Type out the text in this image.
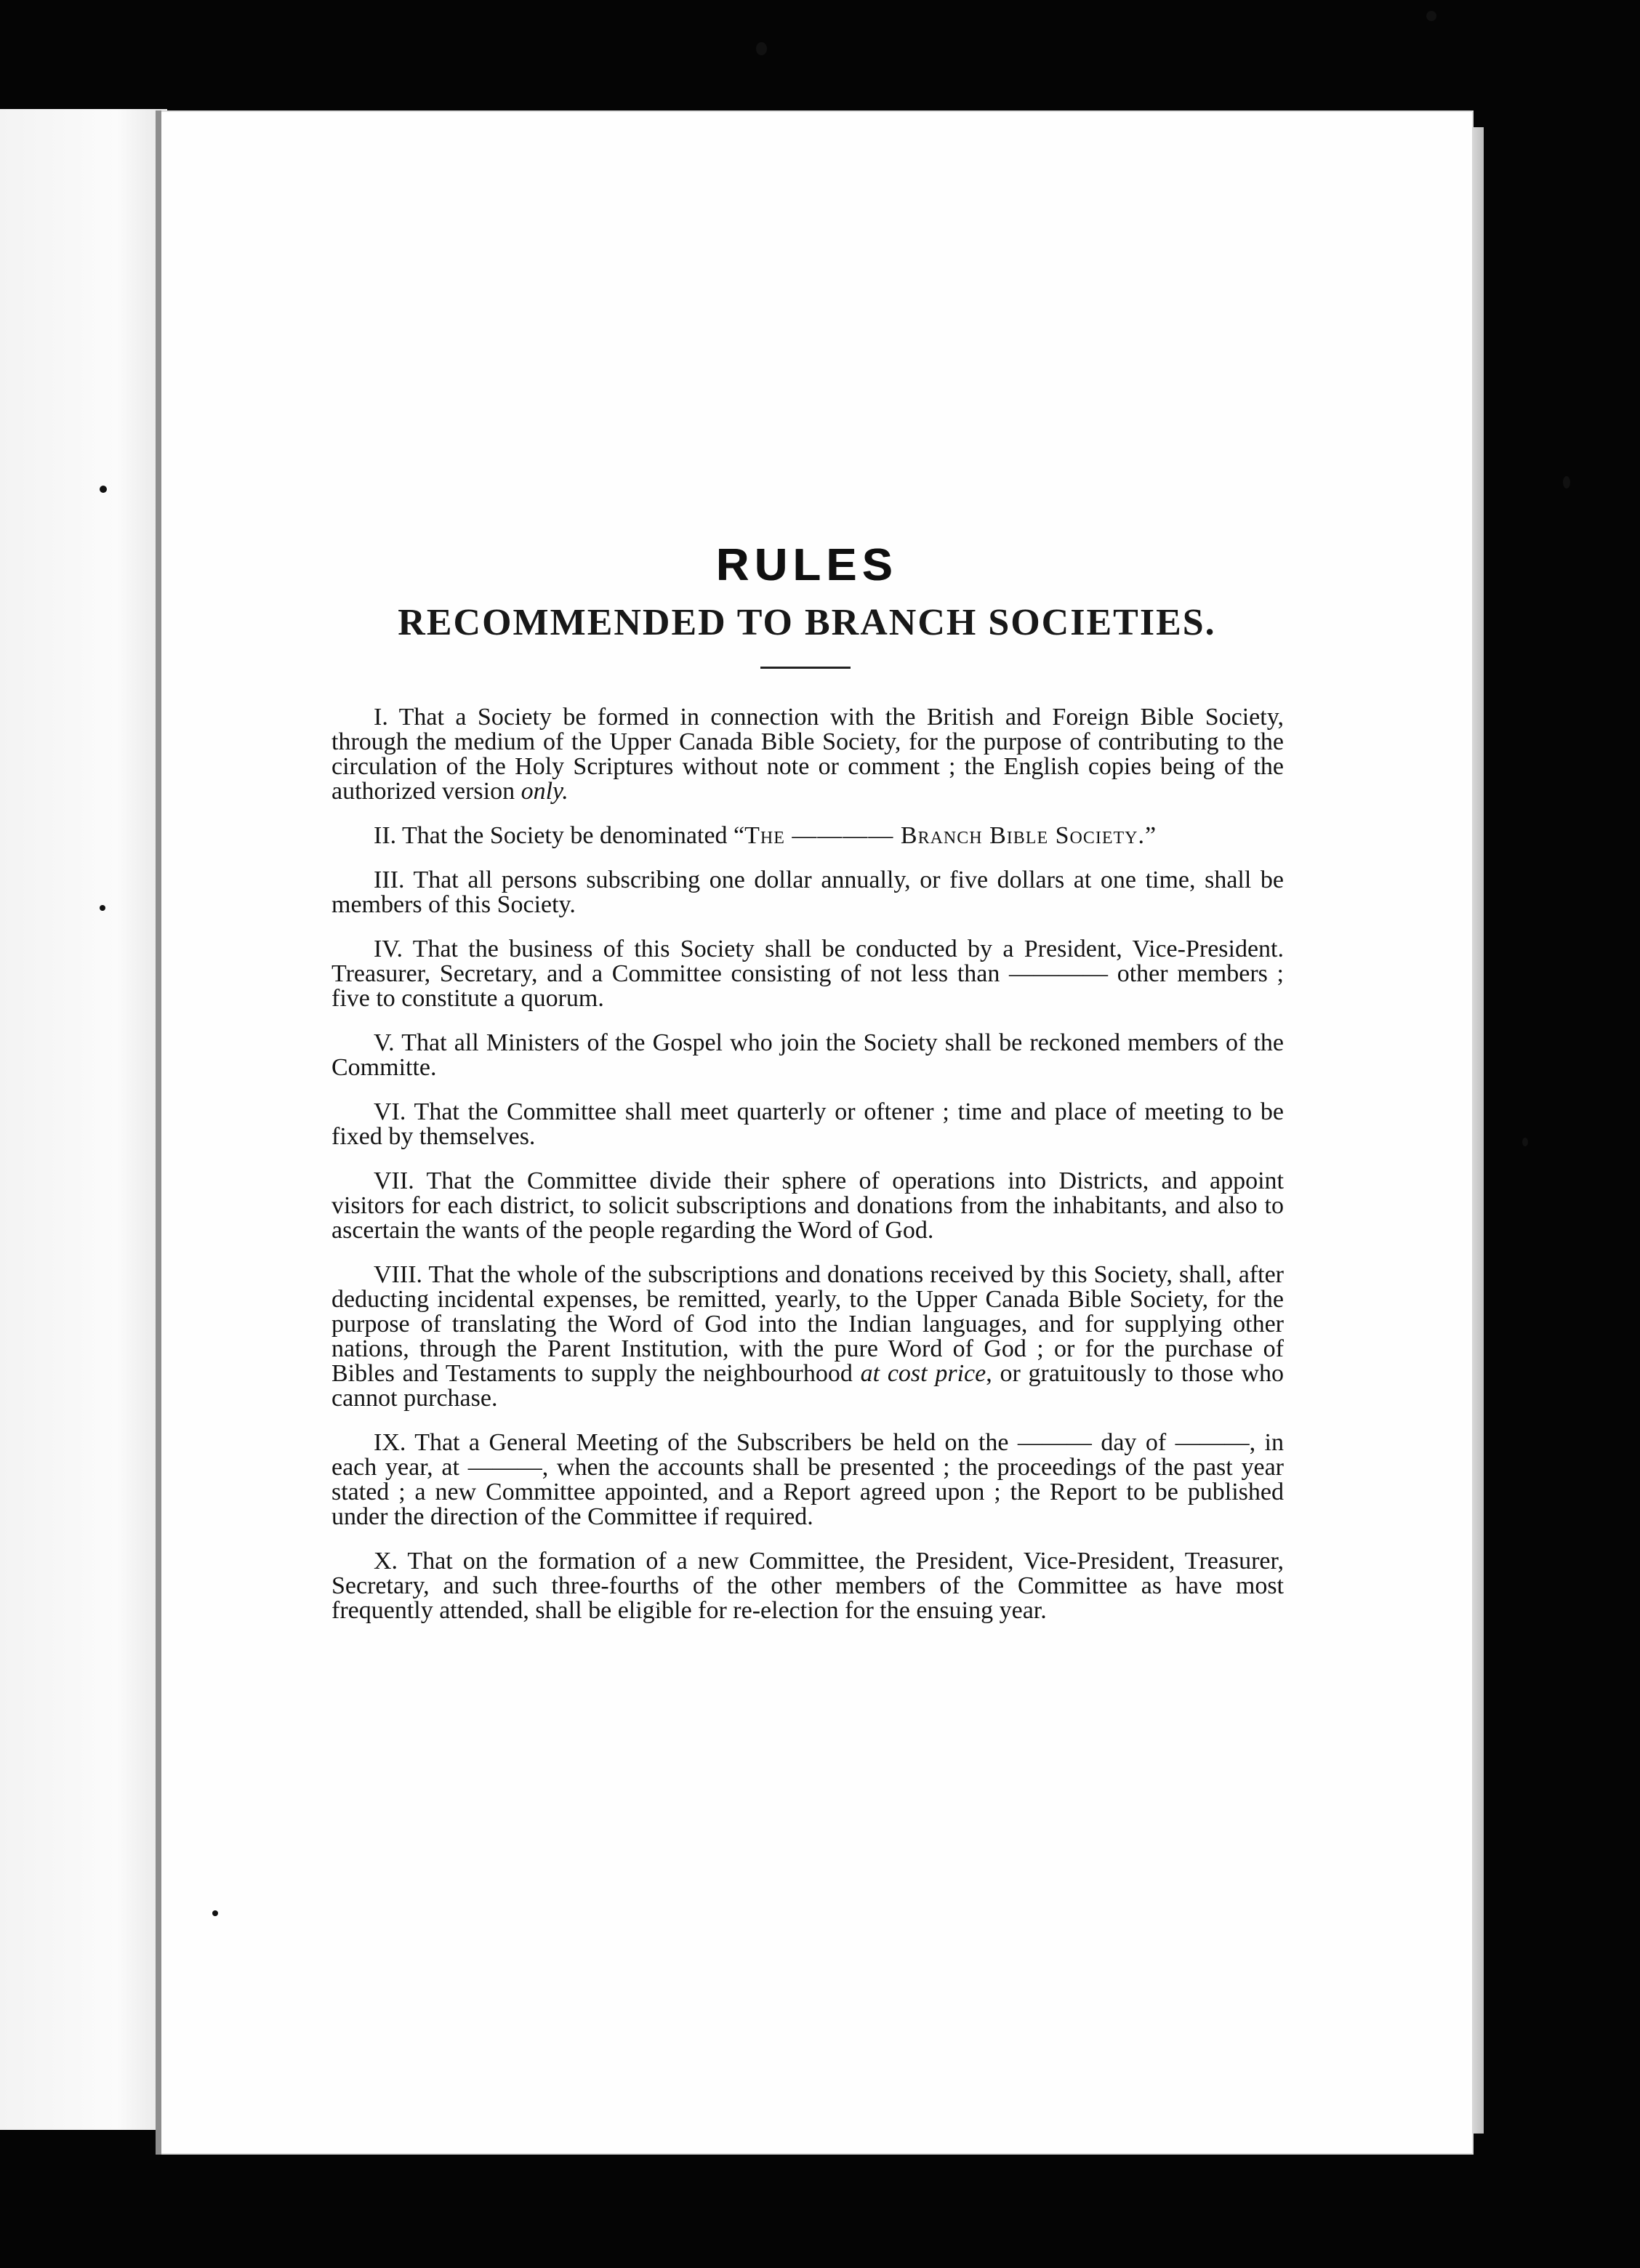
RULES
RECOMMENDED TO BRANCH SOCIETIES.

I. That a Society be formed in connection with the British and Foreign Bible Society, through the medium of the Upper Canada Bible Society, for the purpose of contributing to the circulation of the Holy Scriptures without note or comment ; the English copies being of the authorized version only.

II. That the Society be denominated “The ———— Branch Bible Society.”

III. That all persons subscribing one dollar annually, or five dollars at one time, shall be members of this Society.

IV. That the business of this Society shall be conducted by a President, Vice-President. Treasurer, Secretary, and a Committee consisting of not less than ———— other members ; five to constitute a quorum.

V. That all Ministers of the Gospel who join the Society shall be reckoned members of the Committe.

VI. That the Committee shall meet quarterly or oftener ; time and place of meeting to be fixed by themselves.

VII. That the Committee divide their sphere of operations into Districts, and appoint visitors for each district, to solicit subscriptions and donations from the inhabitants, and also to ascertain the wants of the people regarding the Word of God.

VIII. That the whole of the subscriptions and donations received by this Society, shall, after deducting incidental expenses, be remitted, yearly, to the Upper Canada Bible Society, for the purpose of translating the Word of God into the Indian languages, and for supplying other nations, through the Parent Institution, with the pure Word of God ; or for the purchase of Bibles and Testaments to supply the neighbourhood at cost price, or gratuitously to those who cannot purchase.

IX. That a General Meeting of the Subscribers be held on the ——— day of ———, in each year, at ———, when the accounts shall be presented ; the proceedings of the past year stated ; a new Committee appointed, and a Report agreed upon ; the Report to be published under the direction of the Committee if required.

X. That on the formation of a new Committee, the President, Vice-President, Treasurer, Secretary, and such three-fourths of the other members of the Committee as have most frequently attended, shall be eligible for re-election for the ensuing year.
